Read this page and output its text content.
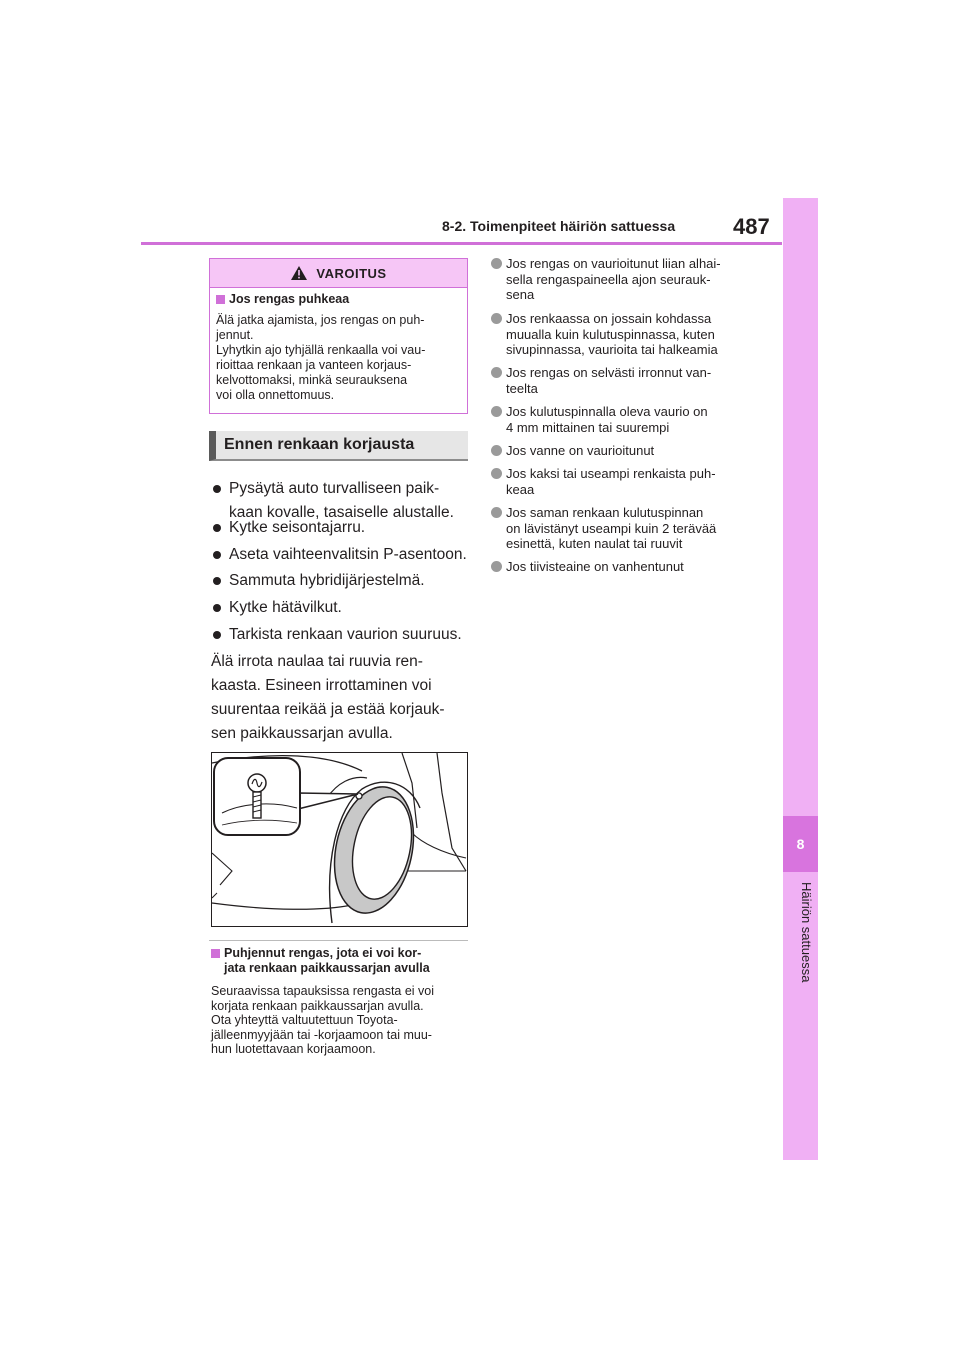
8-2. Toimenpiteet häiriön sattuessa	487
8
Häiriön sattuessa
VAROITUS
Jos rengas puhkeaa

Älä jatka ajamista, jos rengas on puh-

jennut.

Lyhytkin ajo tyhjällä renkaalla voi vau-

rioittaa renkaan ja vanteen korjaus-

kelvottomaksi, minkä seurauksena

voi olla onnettomuus.

Ennen renkaan korjausta
Pysäytä auto turvalliseen paik-
kaan kovalle, tasaiselle alustalle.
Kytke seisontajarru.
Aseta vaihteenvalitsin P-asentoon.
Sammuta hybridijärjestelmä.
Kytke hätävilkut.
Tarkista renkaan vaurion suuruus.
Älä irrota naulaa tai ruuvia ren-
kaasta. Esineen irrottaminen voi
suurentaa reikää ja estää korjauk-
sen paikkaussarjan avulla.
Puhjennut rengas, jota ei voi kor-
jata renkaan paikkaussarjan avulla
Seuraavissa tapauksissa rengasta ei voi
korjata renkaan paikkaussarjan avulla.
Ota yhteyttä valtuutettuun Toyota-
jälleenmyyjään tai -korjaamoon tai muu-
hun luotettavaan korjaamoon.
Jos rengas on vaurioitunut liian alhai-
sella rengaspaineella ajon seurauk-
sena
Jos renkaassa on jossain kohdassa
muualla kuin kulutuspinnassa, kuten
sivupinnassa, vaurioita tai halkeamia
Jos rengas on selvästi irronnut van-
teelta
Jos kulutuspinnalla oleva vaurio on
4 mm mittainen tai suurempi
Jos vanne on vaurioitunut
Jos kaksi tai useampi renkaista puh-
keaa
Jos saman renkaan kulutuspinnan
on lävistänyt useampi kuin 2 terävää
esinettä, kuten naulat tai ruuvit
Jos tiivisteaine on vanhentunut
